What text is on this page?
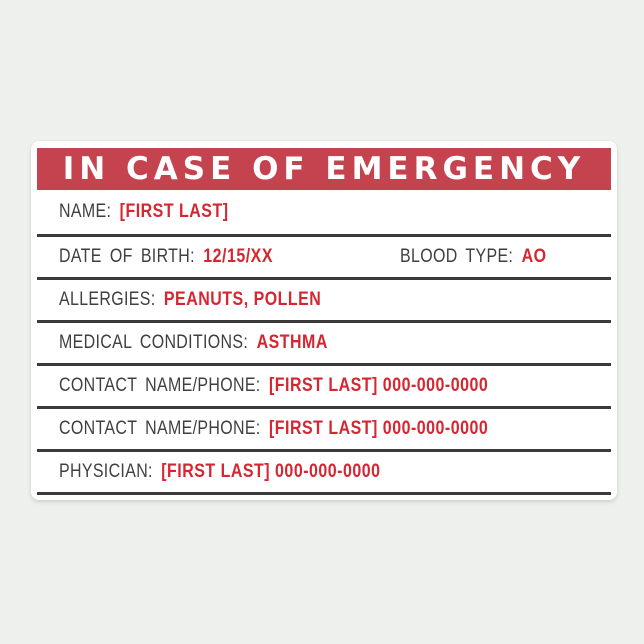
IN CASE OF EMERGENCY
NAME: [FIRST LAST]
DATE OF BIRTH: 12/15/XX	BLOOD TYPE: AO
ALLERGIES: PEANUTS, POLLEN
MEDICAL CONDITIONS: ASTHMA
CONTACT NAME/PHONE: [FIRST LAST] 000-000-0000
CONTACT NAME/PHONE: [FIRST LAST] 000-000-0000
PHYSICIAN: [FIRST LAST] 000-000-0000
